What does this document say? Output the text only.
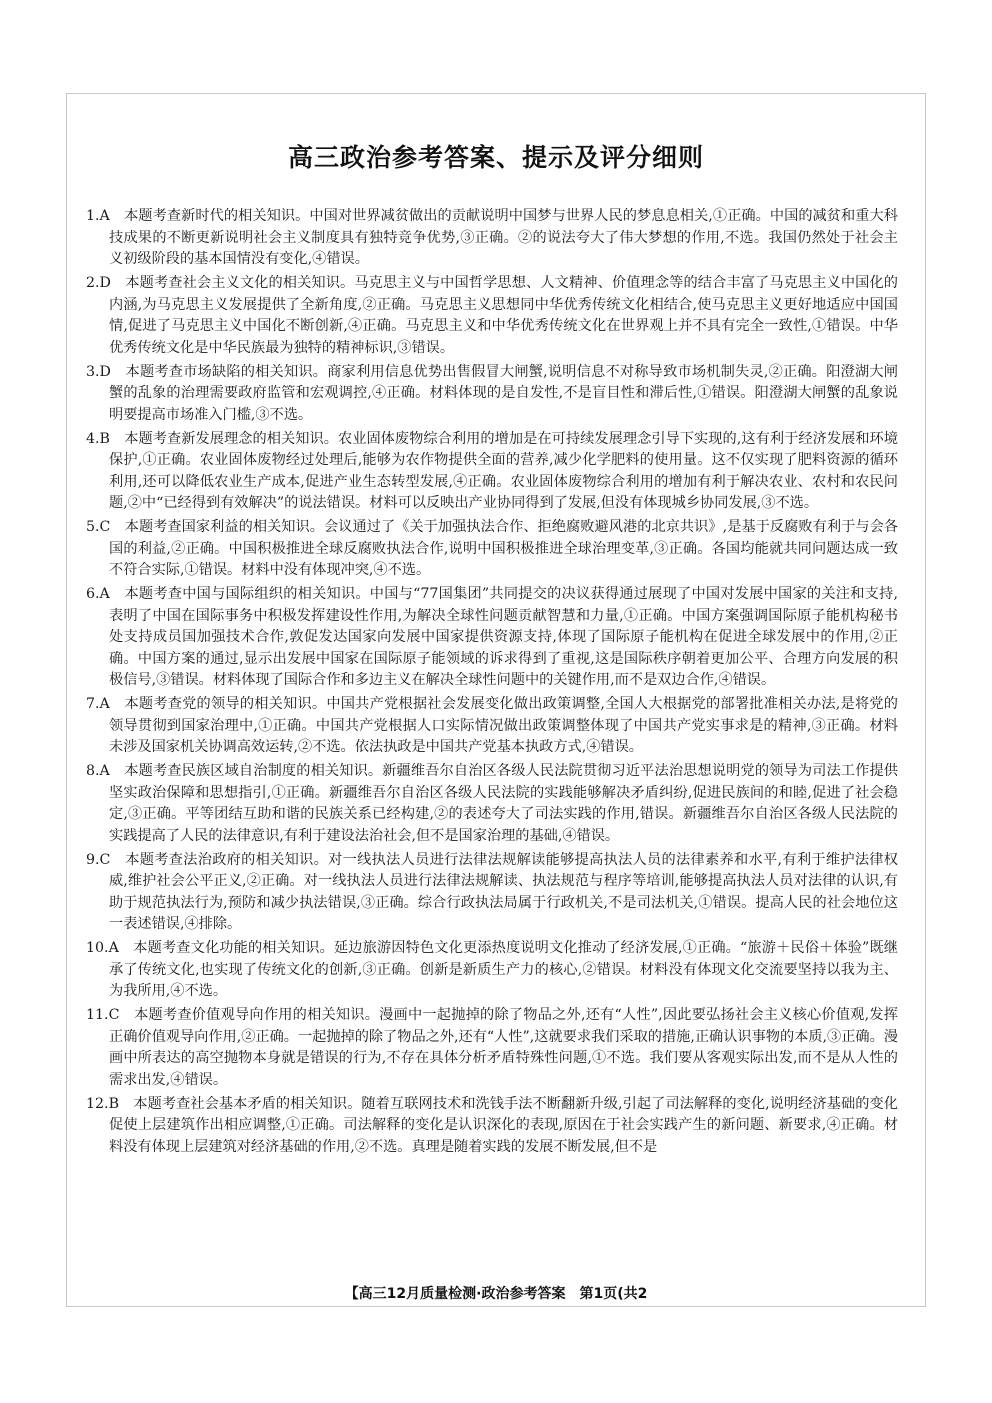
高三政治参考答案、提示及评分细则

1.A　 本题考查新时代的相关知识。中国对世界减贫做出的贡献说明中国梦与世界人民的梦息息相关,①正确。中国的减贫和重大科技成果的不断更新说明社会主义制度具有独特竞争优势,③正确。②的说法夸大了伟大梦想的作用,不选。我国仍然处于社会主义初级阶段的基本国情没有变化,④错误。

2.D　 本题考查社会主义文化的相关知识。马克思主义与中国哲学思想、人文精神、价值理念等的结合丰富了马克思主义中国化的内涵,为马克思主义发展提供了全新角度,②正确。马克思主义思想同中华优秀传统文化相结合,使马克思主义更好地适应中国国情,促进了马克思主义中国化不断创新,④正确。马克思主义和中华优秀传统文化在世界观上并不具有完全一致性,①错误。中华优秀传统文化是中华民族最为独特的精神标识,③错误。

3.D　 本题考查市场缺陷的相关知识。商家利用信息优势出售假冒大闸蟹,说明信息不对称导致市场机制失灵,②正确。阳澄湖大闸蟹的乱象的治理需要政府监管和宏观调控,④正确。材料体现的是自发性,不是盲目性和滞后性,①错误。阳澄湖大闸蟹的乱象说明要提高市场准入门槛,③不选。

4.B　 本题考查新发展理念的相关知识。农业固体废物综合利用的增加是在可持续发展理念引导下实现的,这有利于经济发展和环境保护,①正确。农业固体废物经过处理后,能够为农作物提供全面的营养,减少化学肥料的使用量。这不仅实现了肥料资源的循环利用,还可以降低农业生产成本,促进产业生态转型发展,④正确。农业固体废物综合利用的增加有利于解决农业、农村和农民问题,②中“已经得到有效解决”的说法错误。材料可以反映出产业协同得到了发展,但没有体现城乡协同发展,③不选。

5.C　 本题考查国家利益的相关知识。会议通过了《关于加强执法合作、拒绝腐败避风港的北京共识》,是基于反腐败有利于与会各国的利益,②正确。中国积极推进全球反腐败执法合作,说明中国积极推进全球治理变革,③正确。各国均能就共同问题达成一致不符合实际,①错误。材料中没有体现冲突,④不选。

6.A　 本题考查中国与国际组织的相关知识。中国与“77国集团”共同提交的决议获得通过展现了中国对发展中国家的关注和支持,表明了中国在国际事务中积极发挥建设性作用,为解决全球性问题贡献智慧和力量,①正确。中国方案强调国际原子能机构秘书处支持成员国加强技术合作,敦促发达国家向发展中国家提供资源支持,体现了国际原子能机构在促进全球发展中的作用,②正确。中国方案的通过,显示出发展中国家在国际原子能领域的诉求得到了重视,这是国际秩序朝着更加公平、合理方向发展的积极信号,③错误。材料体现了国际合作和多边主义在解决全球性问题中的关键作用,而不是双边合作,④错误。

7.A　 本题考查党的领导的相关知识。中国共产党根据社会发展变化做出政策调整,全国人大根据党的部署批准相关办法,是将党的领导贯彻到国家治理中,①正确。中国共产党根据人口实际情况做出政策调整体现了中国共产党实事求是的精神,③正确。材料未涉及国家机关协调高效运转,②不选。依法执政是中国共产党基本执政方式,④错误。

8.A　 本题考查民族区域自治制度的相关知识。新疆维吾尔自治区各级人民法院贯彻习近平法治思想说明党的领导为司法工作提供坚实政治保障和思想指引,①正确。新疆维吾尔自治区各级人民法院的实践能够解决矛盾纠纷,促进民族间的和睦,促进了社会稳定,③正确。平等团结互助和谐的民族关系已经构建,②的表述夸大了司法实践的作用,错误。新疆维吾尔自治区各级人民法院的实践提高了人民的法律意识,有利于建设法治社会,但不是国家治理的基础,④错误。

9.C　 本题考查法治政府的相关知识。对一线执法人员进行法律法规解读能够提高执法人员的法律素养和水平,有利于维护法律权威,维护社会公平正义,②正确。对一线执法人员进行法律法规解读、执法规范与程序等培训,能够提高执法人员对法律的认识,有助于规范执法行为,预防和减少执法错误,③正确。综合行政执法局属于行政机关,不是司法机关,①错误。提高人民的社会地位这一表述错误,④排除。

10.A　 本题考查文化功能的相关知识。延边旅游因特色文化更添热度说明文化推动了经济发展,①正确。“旅游＋民俗＋体验”既继承了传统文化,也实现了传统文化的创新,③正确。创新是新质生产力的核心,②错误。材料没有体现文化交流要坚持以我为主、为我所用,④不选。

11.C　 本题考查价值观导向作用的相关知识。漫画中一起抛掉的除了物品之外,还有“人性”,因此要弘扬社会主义核心价值观,发挥正确价值观导向作用,②正确。一起抛掉的除了物品之外,还有“人性”,这就要求我们采取的措施,正确认识事物的本质,③正确。漫画中所表达的高空抛物本身就是错误的行为,不存在具体分析矛盾特殊性问题,①不选。我们要从客观实际出发,而不是从人性的需求出发,④错误。

12.B　 本题考查社会基本矛盾的相关知识。随着互联网技术和洗钱手法不断翻新升级,引起了司法解释的变化,说明经济基础的变化促使上层建筑作出相应调整,①正确。司法解释的变化是认识深化的表现,原因在于社会实践产生的新问题、新要求,④正确。材料没有体现上层建筑对经济基础的作用,②不选。真理是随着实践的发展不断发展,但不是

【高三12月质量检测·政治参考答案　第1页(共2
